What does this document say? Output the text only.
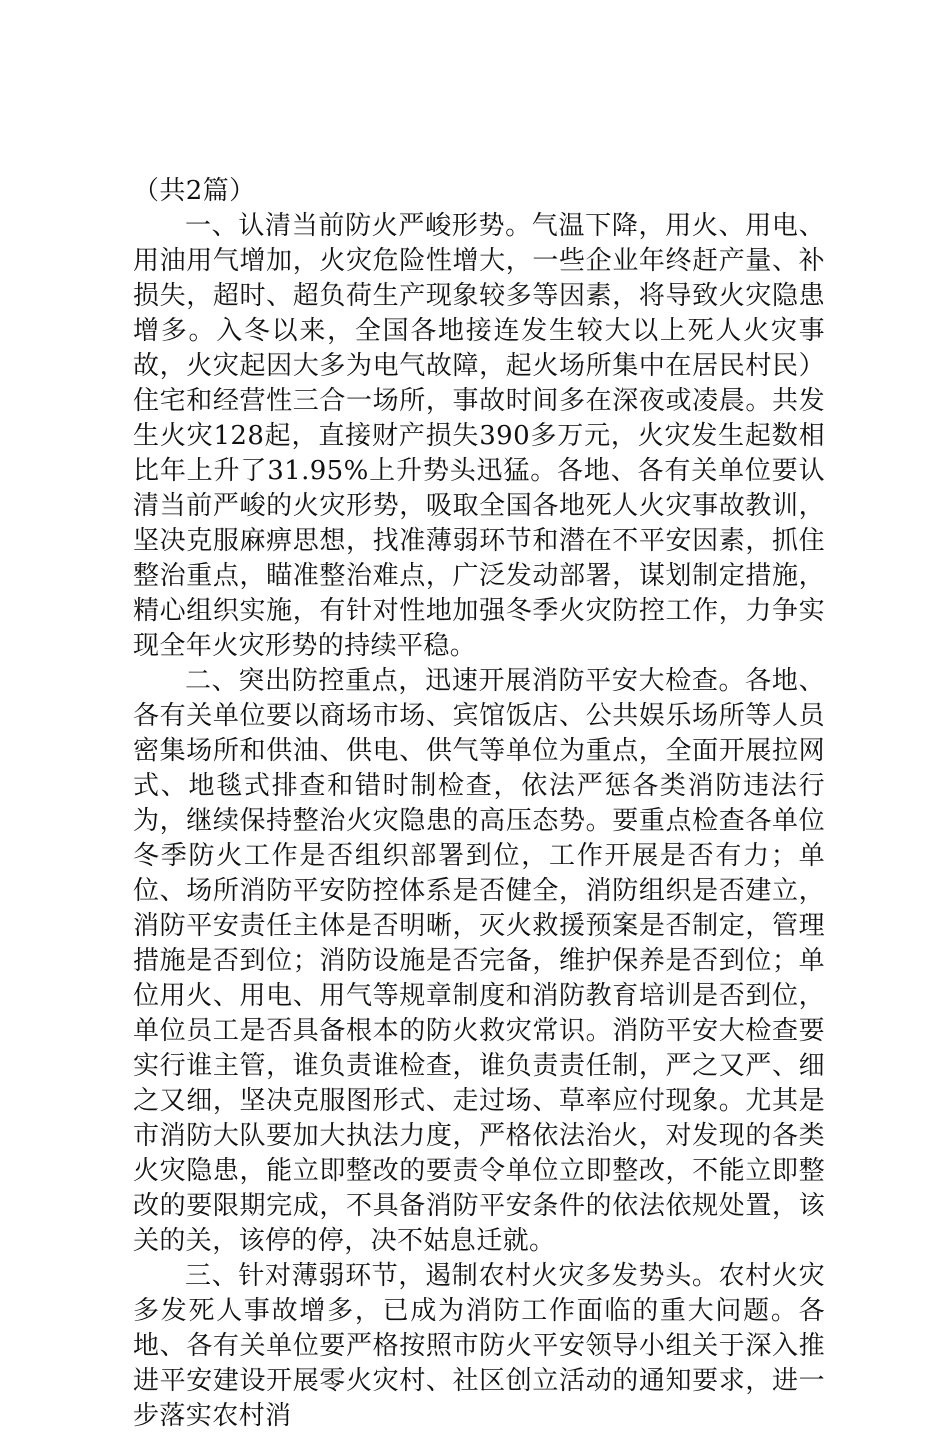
（共2篇）

一、认清当前防火严峻形势。气温下降，用火、用电、用油用气增加，火灾危险性增大，一些企业年终赶产量、补损失，超时、超负荷生产现象较多等因素，将导致火灾隐患增多。入冬以来，全国各地接连发生较大以上死人火灾事故，火灾起因大多为电气故障，起火场所集中在居民村民）住宅和经营性三合一场所，事故时间多在深夜或凌晨。共发生火灾128起，直接财产损失390多万元，火灾发生起数相比年上升了31.95%上升势头迅猛。各地、各有关单位要认清当前严峻的火灾形势，吸取全国各地死人火灾事故教训，坚决克服麻痹思想，找准薄弱环节和潜在不平安因素，抓住整治重点，瞄准整治难点，广泛发动部署，谋划制定措施，精心组织实施，有针对性地加强冬季火灾防控工作，力争实现全年火灾形势的持续平稳。

二、突出防控重点，迅速开展消防平安大检查。各地、各有关单位要以商场市场、宾馆饭店、公共娱乐场所等人员密集场所和供油、供电、供气等单位为重点，全面开展拉网式、地毯式排查和错时制检查，依法严惩各类消防违法行为，继续保持整治火灾隐患的高压态势。要重点检查各单位冬季防火工作是否组织部署到位，工作开展是否有力；单位、场所消防平安防控体系是否健全，消防组织是否建立，消防平安责任主体是否明晰，灭火救援预案是否制定，管理措施是否到位；消防设施是否完备，维护保养是否到位；单位用火、用电、用气等规章制度和消防教育培训是否到位，单位员工是否具备根本的防火救灾常识。消防平安大检查要实行谁主管，谁负责谁检查，谁负责责任制，严之又严、细之又细，坚决克服图形式、走过场、草率应付现象。尤其是市消防大队要加大执法力度，严格依法治火，对发现的各类火灾隐患，能立即整改的要责令单位立即整改，不能立即整改的要限期完成，不具备消防平安条件的依法依规处置，该关的关，该停的停，决不姑息迁就。

三、针对薄弱环节，遏制农村火灾多发势头。农村火灾多发死人事故增多，已成为消防工作面临的重大问题。各地、各有关单位要严格按照市防火平安领导小组关于深入推进平安建设开展零火灾村、社区创立活动的通知要求，进一步落实农村消
